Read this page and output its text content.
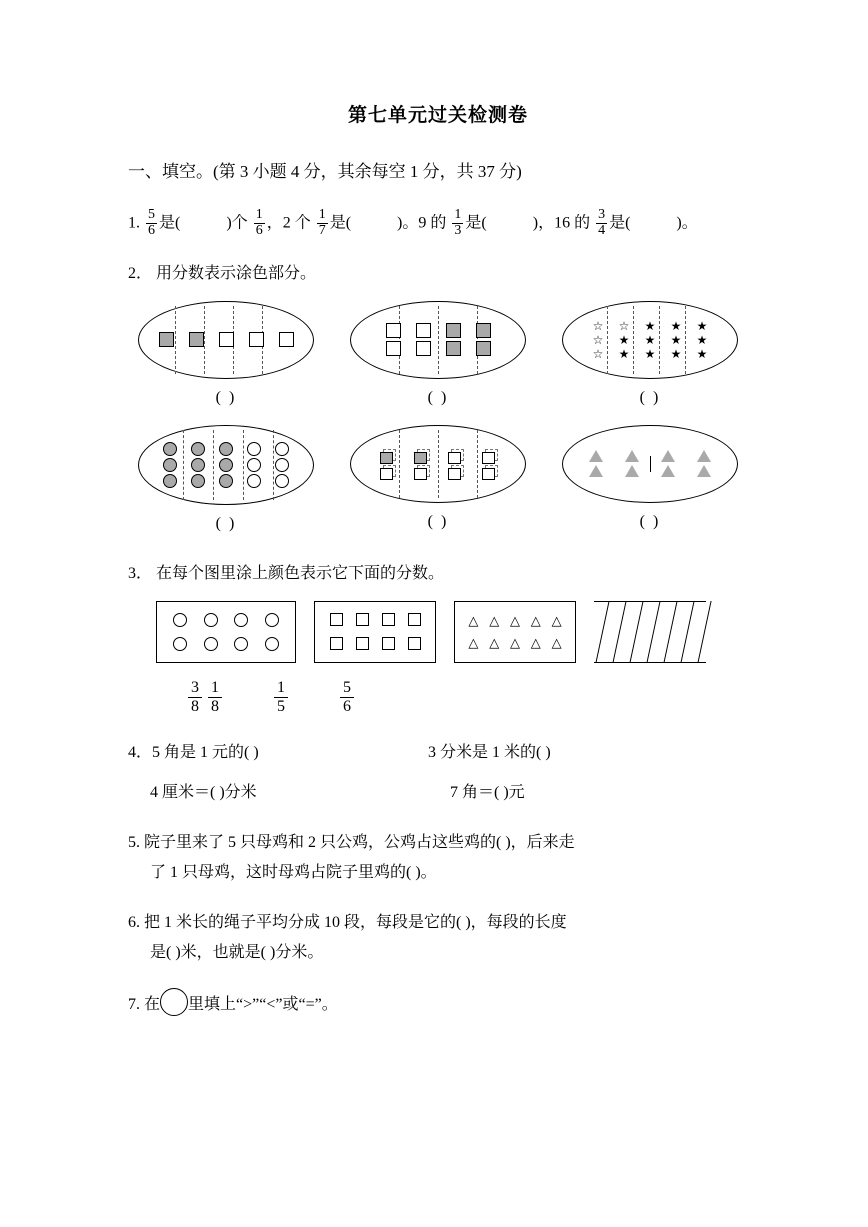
第七单元过关检测卷
一、填空。(第 3 小题 4 分，其余每空 1 分，共 37 分)
1. $\frac{5}{6}$ 是(	)个 $\frac{1}{6}$ ，2 个 $\frac{1}{7}$ 是(	)。9 的 $\frac{1}{3}$ 是(	)，16 的 $\frac{3}{4}$ 是(	)。
2． 用分数表示涂色部分。
( )	( )
☆
☆
☆
☆
★
★
★
★
★
★
★
★
★
★
★
( )
( )	( )	( )
3． 在每个图里涂上颜色表示它下面的分数。
△ △ △ △ △
△ △ △ △ △
$\frac{3}{8} \frac{1}{8}$	$\frac{1}{5}$	$\frac{5}{6}$
4．5 角是 1 元的( )	3 分米是 1 米的( )
4 厘米＝( )分米	7 角＝( )元
5. 院子里来了 5 只母鸡和 2 只公鸡，公鸡占这些鸡的( )，后来走
了 1 只母鸡，这时母鸡占院子里鸡的( )。
6. 把 1 米长的绳子平均分成 10 段，每段是它的( )，每段的长度
是( )米，也就是( )分米。
7. 在 里填上“>”“<”或“=”。
